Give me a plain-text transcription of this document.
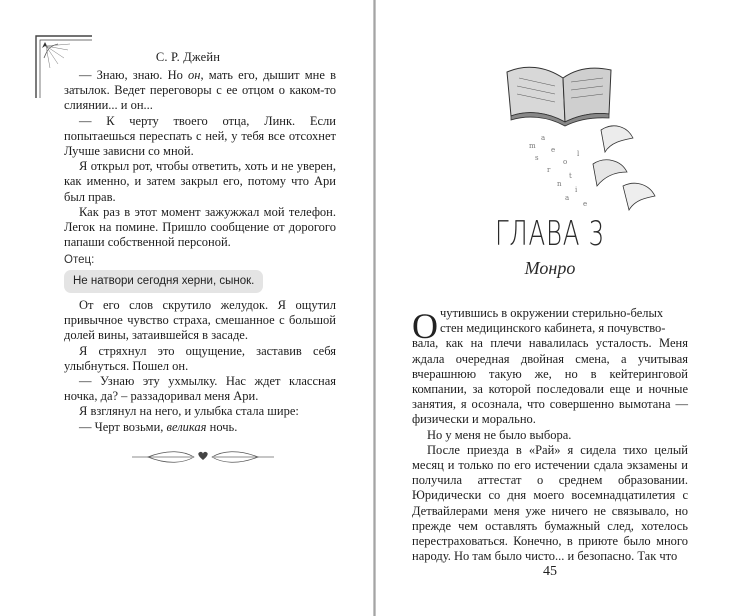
С. Р. Джейн

— Знаю, знаю. Но он, мать его, дышит мне в затылок. Ведет переговоры с ее отцом о каком-то слиянии... и он...

— К черту твоего отца, Линк. Если попытаешься переспать с ней, у тебя все отсохнет Лучше зависни со мной.

Я открыл рот, чтобы ответить, хоть и не уверен, как именно, и затем закрыл его, потому что Ари был прав.

Как раз в этот момент зажужжал мой телефон. Легок на помине. Пришло сообщение от дорогого папаши собственной персоной.

Отец:
Не натвори сегодня херни, сынок.

От его слов скрутило желудок. Я ощутил привычное чувство страха, смешанное с большой долей вины, затаившейся в засаде.

Я стряхнул это ощущение, заставив себя улыбнуться. Пошел он.

— Узнаю эту ухмылку. Нас ждет классная ночка, да? – раззадоривал меня Ари.

Я взглянул на него, и улыбка стала шире:

— Черт возьми, великая ночь.

a
e
s	o
r
t
n
i
a
e
m
l
ГЛАВА 3
Монро
О чутившись в окружении стерильно-белых
стен медицинского кабинета, я почувство-
вала, как на плечи навалилась усталость. Меня ждала очередная двойная смена, а учитывая вчерашнюю такую же, но в кейтеринговой компании, за которой последовали еще и ночные занятия, я осознала, что совершенно вымотана — физически и морально.

Но у меня не было выбора.

После приезда в «Рай» я сидела тихо целый месяц и только по его истечении сдала экзамены и получила аттестат о среднем образовании. Юридически со дня моего восемнадцатилетия с Детвайлерами меня уже ничего не связывало, но прежде чем оставлять бумажный след, хотелось перестраховаться. Конечно, в приюте было много народу. Но там было чисто... и безопасно. Так что

45
